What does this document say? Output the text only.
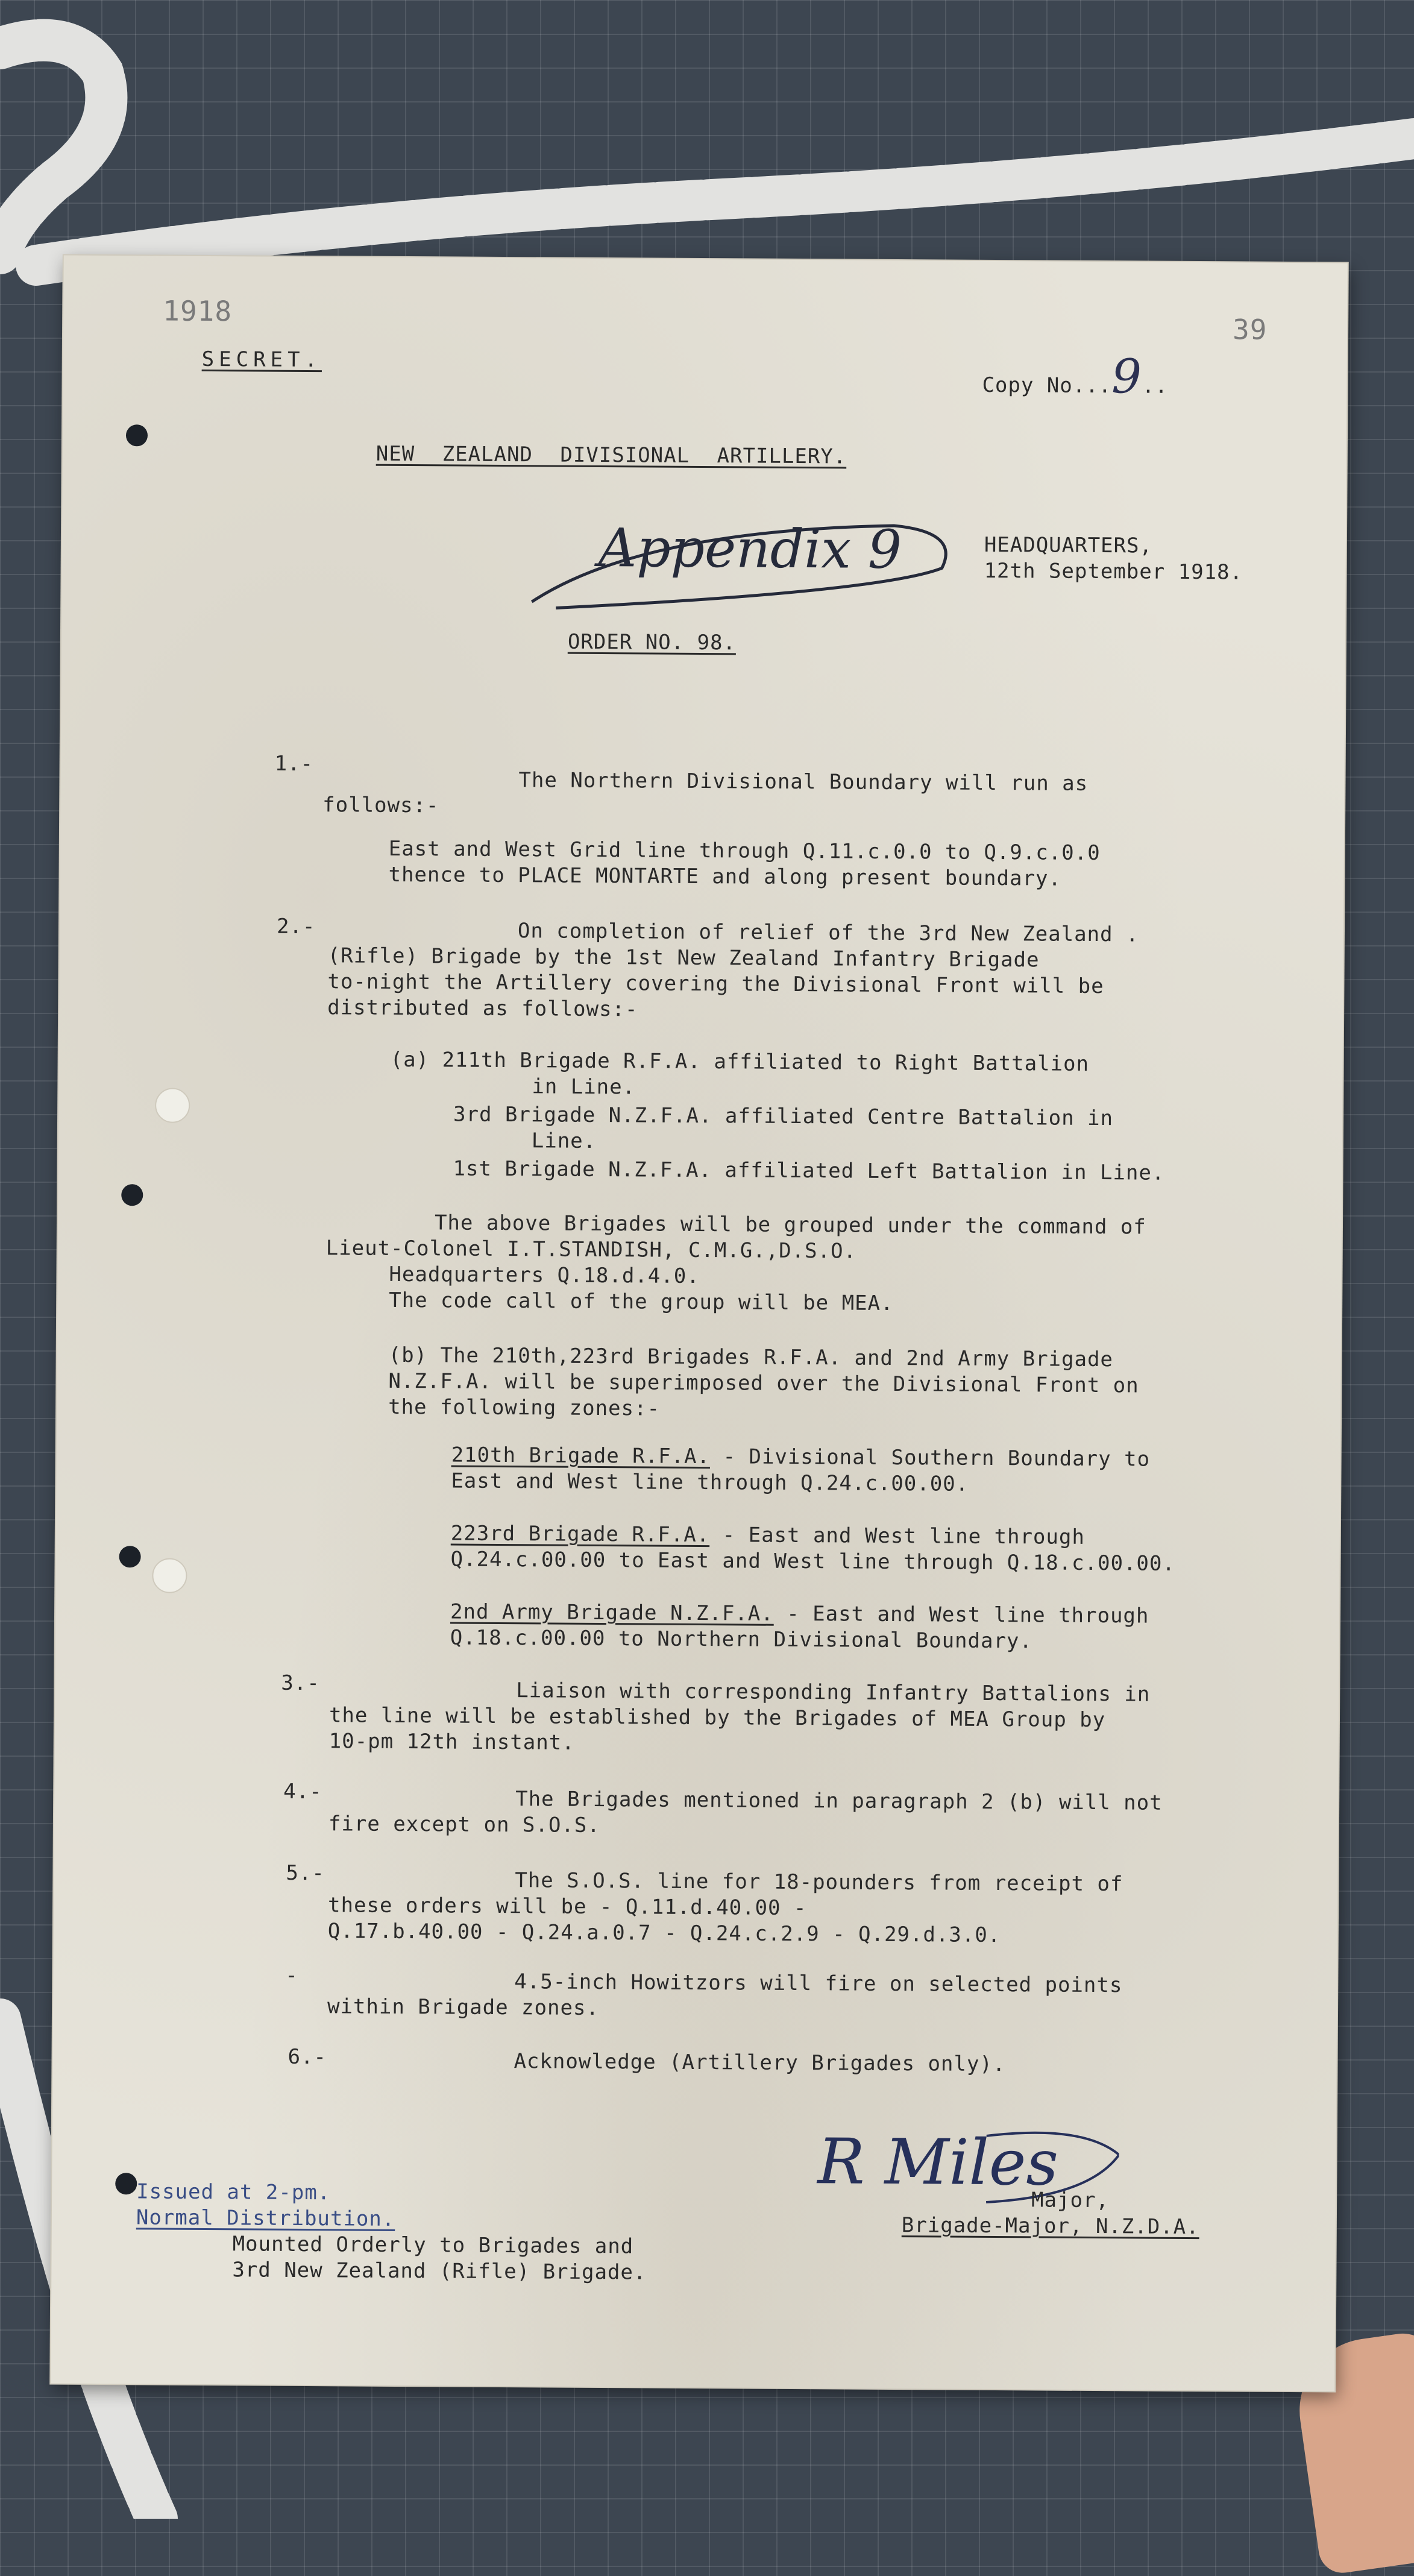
1918
39
SECRET.
Copy No...9..
NEW ZEALAND DIVISIONAL ARTILLERY.
Appendix 9	HEADQUARTERS,
12th September 1918.
ORDER NO. 98.
1.-
The Northern Divisional Boundary will run as
follows:-
East and West Grid line through Q.11.c.0.0 to Q.9.c.0.0
thence to PLACE MONTARTE and along present boundary.
2.-	On completion of relief of the 3rd New Zealand .
(Rifle) Brigade by the 1st New Zealand Infantry Brigade
to-night the Artillery covering the Divisional Front will be
distributed as follows:-
(a) 211th Brigade R.F.A. affiliated to Right Battalion
in Line.
3rd Brigade N.Z.F.A. affiliated Centre Battalion in
Line.
1st Brigade N.Z.F.A. affiliated Left Battalion in Line.
The above Brigades will be grouped under the command of
Lieut-Colonel I.T.STANDISH, C.M.G.,D.S.O.
Headquarters Q.18.d.4.0.
The code call of the group will be MEA.
(b) The 210th,223rd Brigades R.F.A. and 2nd Army Brigade
N.Z.F.A. will be superimposed over the Divisional Front on
the following zones:-
210th Brigade R.F.A. - Divisional Southern Boundary to
East and West line through Q.24.c.00.00.
223rd Brigade R.F.A. - East and West line through
Q.24.c.00.00 to East and West line through Q.18.c.00.00.
2nd Army Brigade N.Z.F.A. - East and West line through
Q.18.c.00.00 to Northern Divisional Boundary.
3.-	Liaison with corresponding Infantry Battalions in
the line will be established by the Brigades of MEA Group by
10-pm 12th instant.
4.-	The Brigades mentioned in paragraph 2 (b) will not
fire except on S.O.S.
5.-	The S.O.S. line for 18-pounders from receipt of
these orders will be - Q.11.d.40.00 -
Q.17.b.40.00 - Q.24.a.0.7 - Q.24.c.2.9 - Q.29.d.3.0.
-	4.5-inch Howitzors will fire on selected points
within Brigade zones.
6.-	Acknowledge (Artillery Brigades only).
R Miles
Major,
Brigade-Major, N.Z.D.A.
Issued at 2-pm.
Normal Distribution.
Mounted Orderly to Brigades and
3rd New Zealand (Rifle) Brigade.
